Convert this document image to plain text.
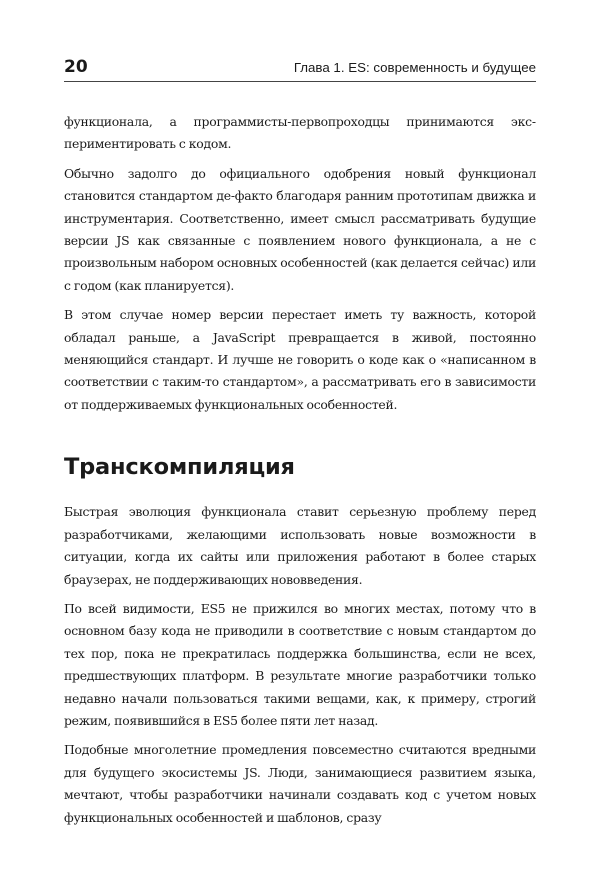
20	Глава 1. ES: современность и будущее

функционала, а программисты-первопроходцы принимаются экспериментировать с кодом.

Обычно задолго до официального одобрения новый функционал становится стандартом де-факто благодаря ранним прототипам движка и инструментария. Соответственно, имеет смысл рассматривать будущие версии JS как связанные с появлением нового функционала, а не с произвольным набором основных особенностей (как делается сейчас) или с годом (как планируется).

В этом случае номер версии перестает иметь ту важность, которой обладал раньше, а JavaScript превращается в живой, постоянно меняющийся стандарт. И лучше не говорить о коде как о «написанном в соответствии с таким-то стандартом», а рассматривать его в зависимости от поддерживаемых функциональных особенностей.

Транскомпиляция

Быстрая эволюция функционала ставит серьезную проблему перед разработчиками, желающими использовать новые возможности в ситуации, когда их сайты или приложения работают в более старых браузерах, не поддерживающих нововведения.

По всей видимости, ES5 не прижился во многих местах, потому что в основном базу кода не приводили в соответствие с новым стандартом до тех пор, пока не прекратилась поддержка большинства, если не всех, предшествующих платформ. В результате многие разработчики только недавно начали пользоваться такими вещами, как, к примеру, строгий режим, появившийся в ES5 более пяти лет назад.

Подобные многолетние промедления повсеместно считаются вредными для будущего экосистемы JS. Люди, занимающиеся развитием языка, мечтают, чтобы разработчики начинали создавать код с учетом новых функциональных особенностей и шаблонов, сразу
